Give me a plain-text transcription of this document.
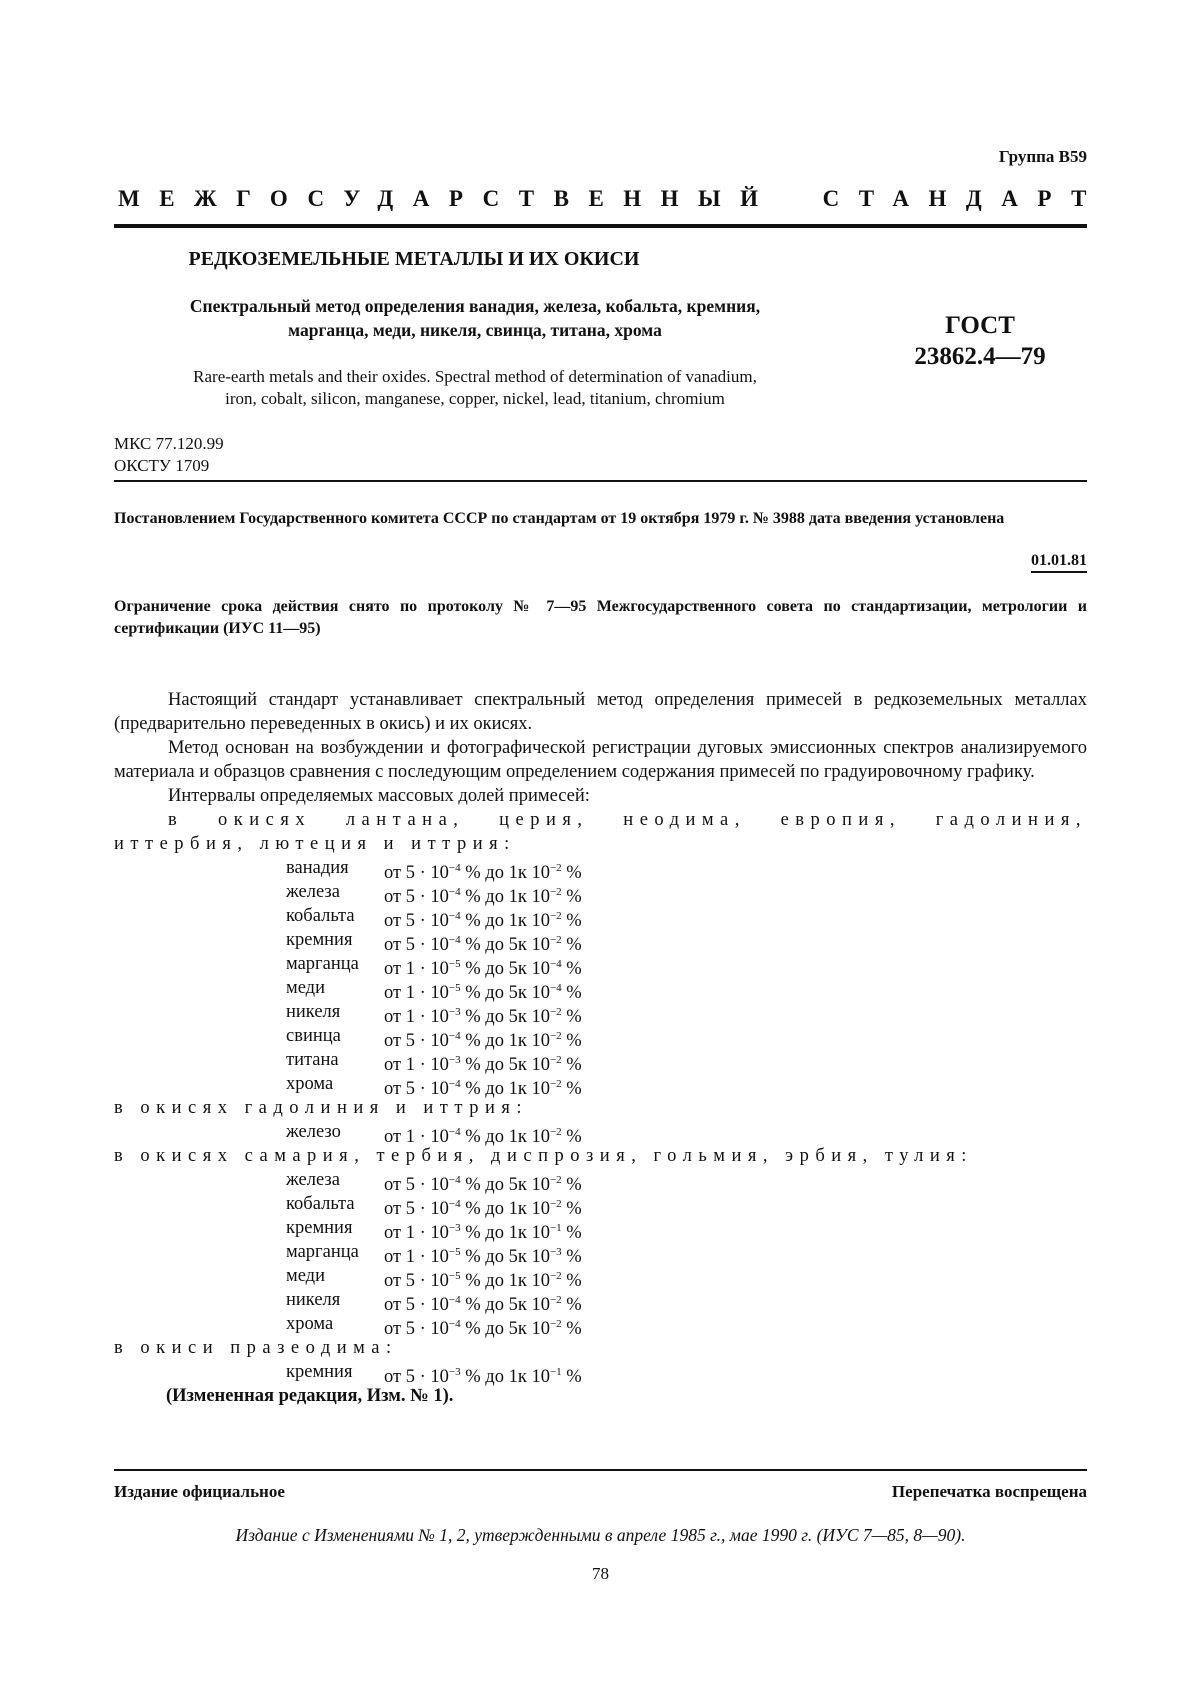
Группа В59
МЕЖГОСУДАРСТВЕННЫЙ СТАНДАРТ
РЕДКОЗЕМЕЛЬНЫЕ МЕТАЛЛЫ И ИХ ОКИСИ
Спектральный метод определения ванадия, железа, кобальта, кремния,
марганца, меди, никеля, свинца, титана, хрома	ГОСТ
23862.4—79
Rare-earth metals and their oxides. Spectral method of determination of vanadium,
iron, cobalt, silicon, manganese, copper, nickel, lead, titanium, chromium
МКС 77.120.99
ОКСТУ 1709
Постановлением Государственного комитета СССР по стандартам от 19 октября 1979 г. № 3988 дата введения установлена
01.01.81
Ограничение срока действия снято по протоколу № 7—95 Межгосударственного совета по стандартизации, метрологии и сертификации (ИУС 11—95)

Настоящий стандарт устанавливает спектральный метод определения примесей в редкоземельных металлах (предварительно переведенных в окись) и их окисях.

Метод основан на возбуждении и фотографической регистрации дуговых эмиссионных спектров анализируемого материала и образцов сравнения с последующим определением содержания примесей по градуировочному графику.

Интервалы определяемых массовых долей примесей:

в окисях лантана, церия, неодима, европия, гадолиния, иттербия, лютеция и иттрия:

ванадия	от $5 \cdot 10^{-4}$ % до 1к $10^{-2}$ %
железа	от $5 \cdot 10^{-4}$ % до 1к $10^{-2}$ %
кобальта	от $5 \cdot 10^{-4}$ % до 1к $10^{-2}$ %
кремния	от $5 \cdot 10^{-4}$ % до 5к $10^{-2}$ %
марганца	от $1 \cdot 10^{-5}$ % до 5к $10^{-4}$ %
меди	от $1 \cdot 10^{-5}$ % до 5к $10^{-4}$ %
никеля	от $1 \cdot 10^{-3}$ % до 5к $10^{-2}$ %
свинца	от $5 \cdot 10^{-4}$ % до 1к $10^{-2}$ %
титана	от $1 \cdot 10^{-3}$ % до 5к $10^{-2}$ %
хрома	от $5 \cdot 10^{-4}$ % до 1к $10^{-2}$ %

в окисях гадолиния и иттрия:

железо	от $1 \cdot 10^{-4}$ % до 1к $10^{-2}$ %

в окисях самария, тербия, диспрозия, гольмия, эрбия, тулия:

железа	от $5 \cdot 10^{-4}$ % до 5к $10^{-2}$ %
кобальта	от $5 \cdot 10^{-4}$ % до 1к $10^{-2}$ %
кремния	от $1 \cdot 10^{-3}$ % до 1к $10^{-1}$ %
марганца	от $1 \cdot 10^{-5}$ % до 5к $10^{-3}$ %
меди	от $5 \cdot 10^{-5}$ % до 1к $10^{-2}$ %
никеля	от $5 \cdot 10^{-4}$ % до 5к $10^{-2}$ %
хрома	от $5 \cdot 10^{-4}$ % до 5к $10^{-2}$ %

в окиси празеодима:

кремния	от $5 \cdot 10^{-3}$ % до 1к $10^{-1}$ %

(Измененная редакция, Изм. № 1).

Издание официальное	Перепечатка воспрещена
Издание с Изменениями № 1, 2, утвержденными в апреле 1985 г., мае 1990 г. (ИУС 7—85, 8—90).
78
